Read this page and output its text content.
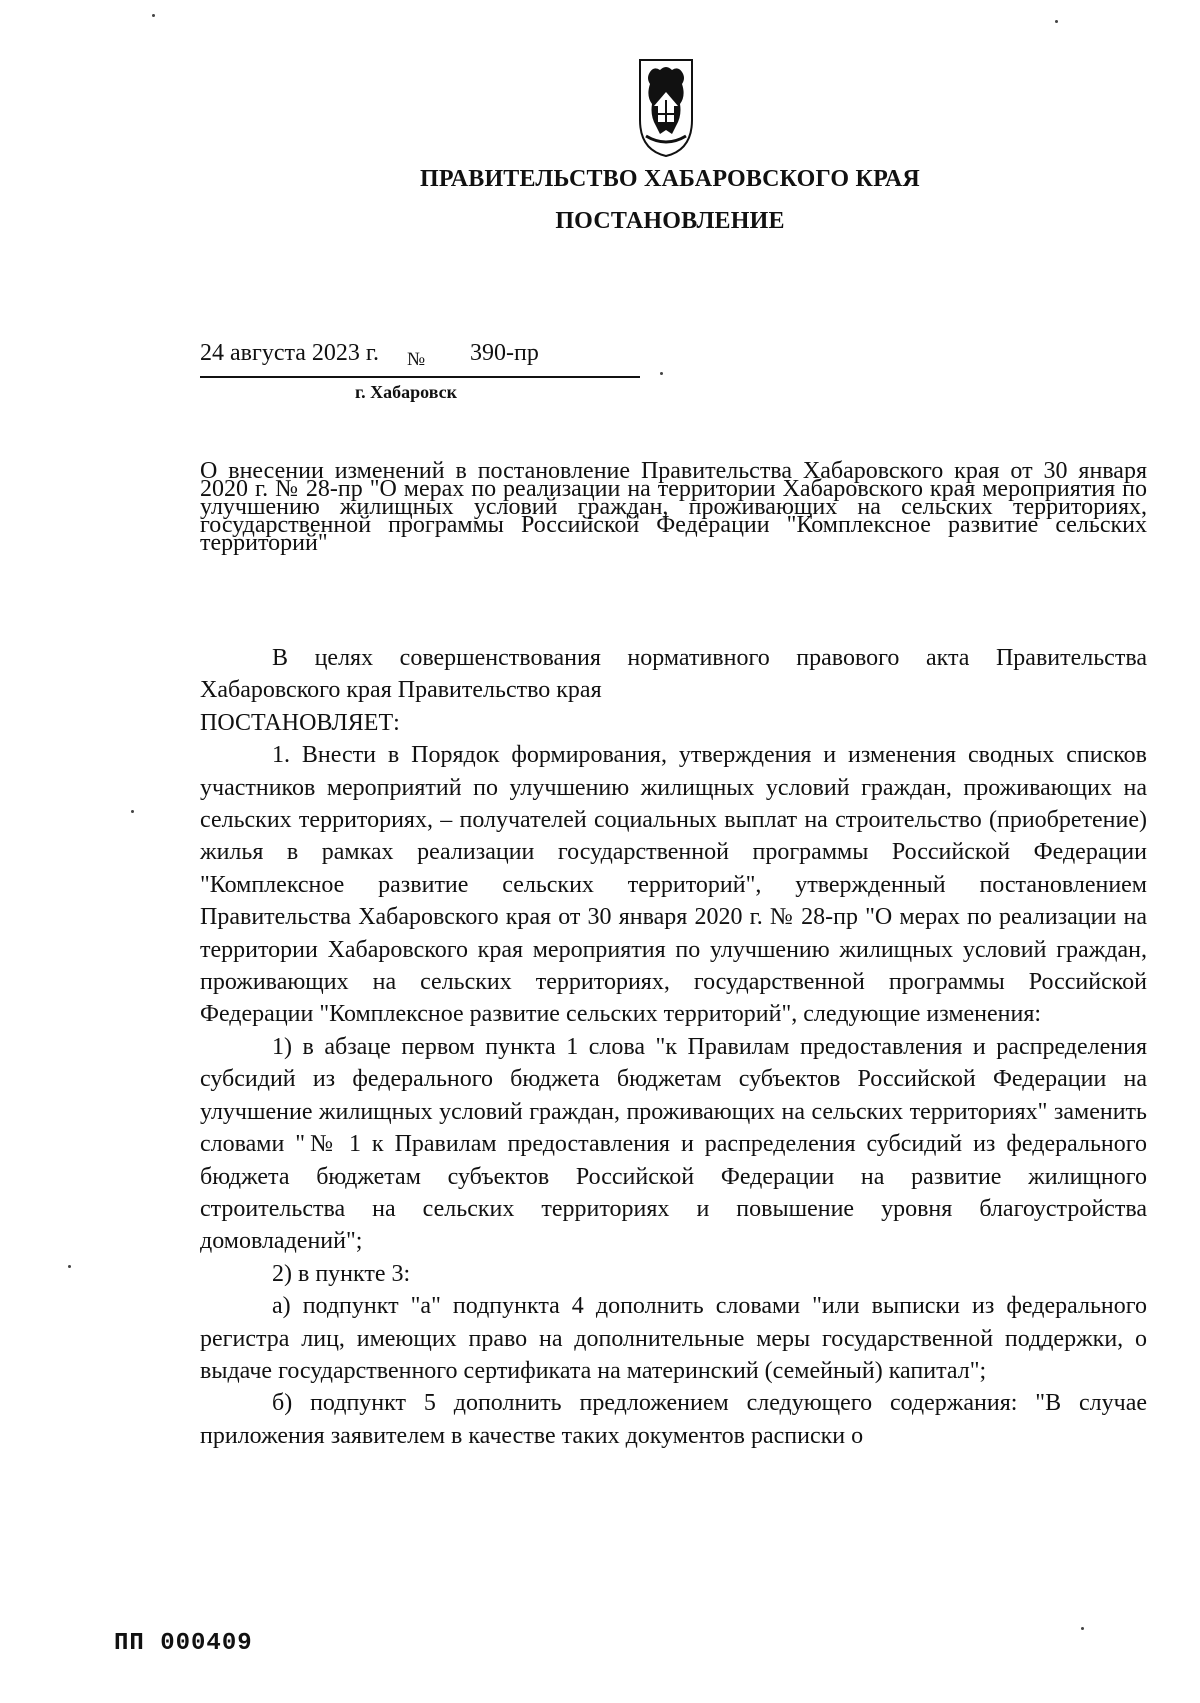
ПРАВИТЕЛЬСТВО ХАБАРОВСКОГО КРАЯ
ПОСТАНОВЛЕНИЕ
24 августа 2023 г. № 390-пр
г. Хабаровск
О внесении изменений в постановление Правительства Хабаровского края от 30 января 2020 г. № 28-пр "О мерах по реализации на территории Хабаровского края мероприятия по улучшению жилищных условий граждан, проживающих на сельских территориях, государственной программы Российской Федерации "Комплексное развитие сельских территорий"

В целях совершенствования нормативного правового акта Правительства Хабаровского края Правительство края

ПОСТАНОВЛЯЕТ:

1. Внести в Порядок формирования, утверждения и изменения сводных списков участников мероприятий по улучшению жилищных условий граждан, проживающих на сельских территориях, – получателей социальных выплат на строительство (приобретение) жилья в рамках реализации государственной программы Российской Федерации "Комплексное развитие сельских территорий", утвержденный постановлением Правительства Хабаровского края от 30 января 2020 г. № 28-пр "О мерах по реализации на территории Хабаровского края мероприятия по улучшению жилищных условий граждан, проживающих на сельских территориях, государственной программы Российской Федерации "Комплексное развитие сельских территорий", следующие изменения:

1) в абзаце первом пункта 1 слова "к Правилам предоставления и распределения субсидий из федерального бюджета бюджетам субъектов Российской Федерации на улучшение жилищных условий граждан, проживающих на сельских территориях" заменить словами "№ 1 к Правилам предоставления и распределения субсидий из федерального бюджета бюджетам субъектов Российской Федерации на развитие жилищного строительства на сельских территориях и повышение уровня благоустройства домовладений";

2) в пункте 3:

а) подпункт "а" подпункта 4 дополнить словами "или выписки из федерального регистра лиц, имеющих право на дополнительные меры государственной поддержки, о выдаче государственного сертификата на материнский (семейный) капитал";

б) подпункт 5 дополнить предложением следующего содержания: "В случае приложения заявителем в качестве таких документов расписки о

ПП 000409
